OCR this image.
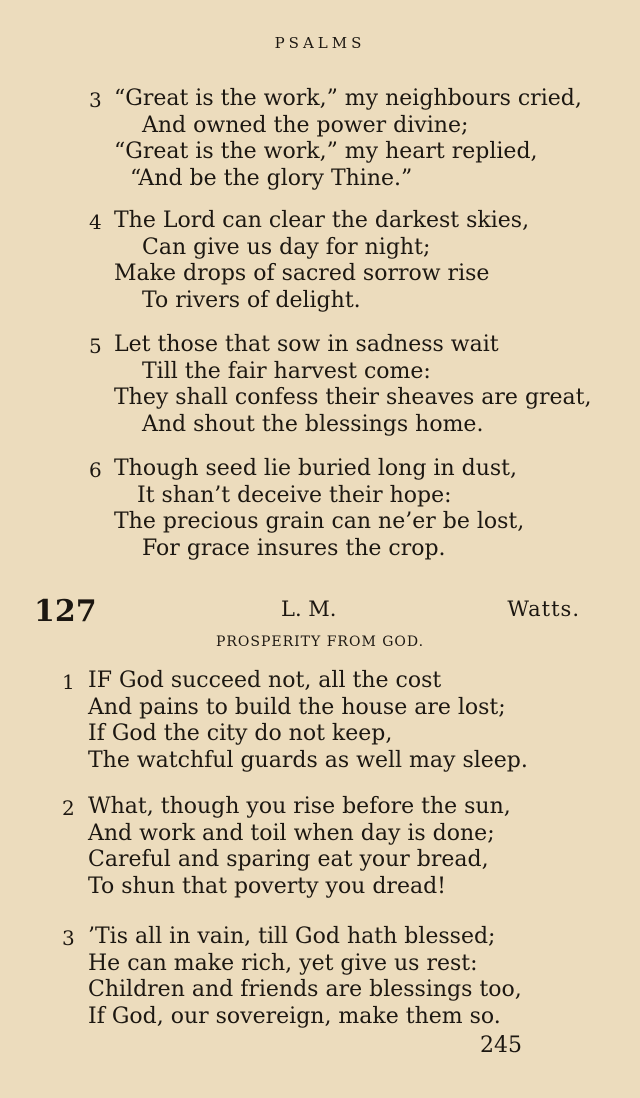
PSALMS
3 “Great is the work,” my neighbours cried,
And owned the power divine;
“Great is the work,” my heart replied,
“And be the glory Thine.”
4 The Lord can clear the darkest skies,
Can give us day for night;
Make drops of sacred sorrow rise
To rivers of delight.
5 Let those that sow in sadness wait
Till the fair harvest come:
They shall confess their sheaves are great,
And shout the blessings home.
6 Though seed lie buried long in dust,
It shan’t deceive their hope:
The precious grain can ne’er be lost,
For grace insures the crop.
127	L. M.	Watts.
PROSPERITY FROM GOD.
1 IF God succeed not, all the cost
And pains to build the house are lost;
If God the city do not keep,
The watchful guards as well may sleep.
2 What, though you rise before the sun,
And work and toil when day is done;
Careful and sparing eat your bread,
To shun that poverty you dread!
3 ’Tis all in vain, till God hath blessed;
He can make rich, yet give us rest:
Children and friends are blessings too,
If God, our sovereign, make them so.
245
